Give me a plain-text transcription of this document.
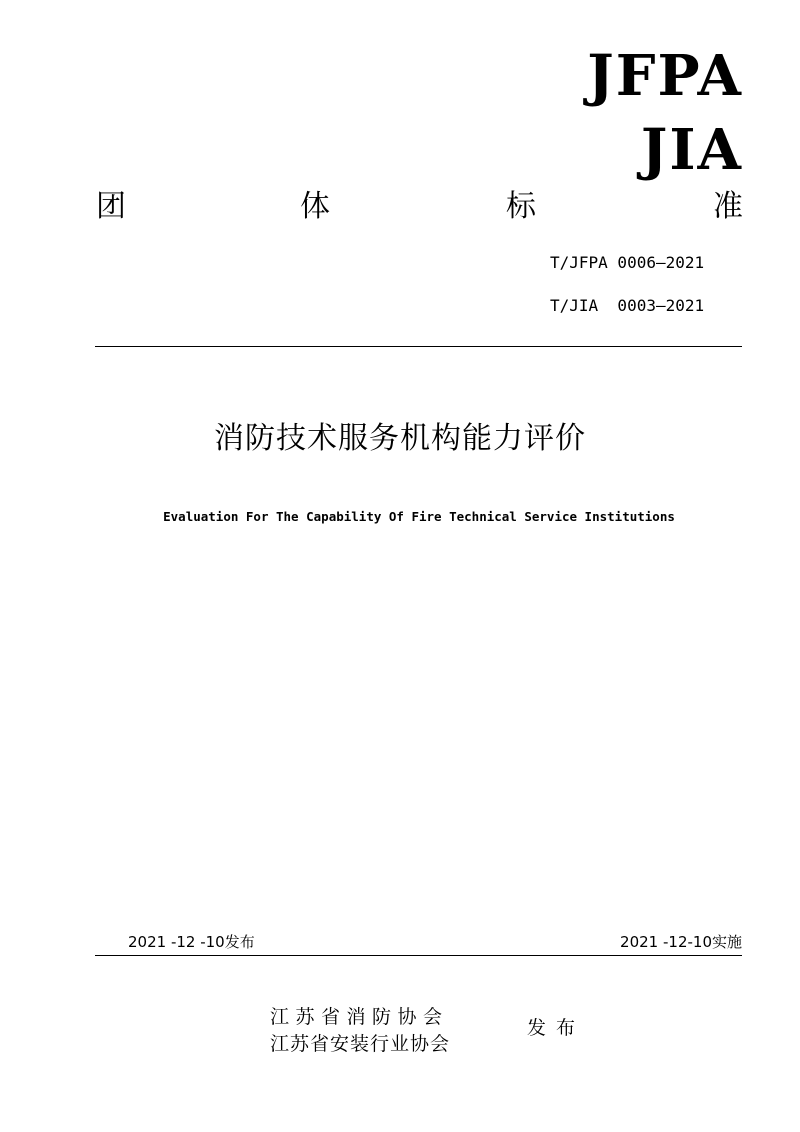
JFPA
JIA
团	体	标	准
T/JFPA 0006—2021
T/JIA  0003—2021
消防技术服务机构能力评价
Evaluation For The Capability Of Fire Technical Service Institutions
2021 -12 -10发布	2021 -12-10实施
江苏省消防协会
江苏省安装行业协会
发布
